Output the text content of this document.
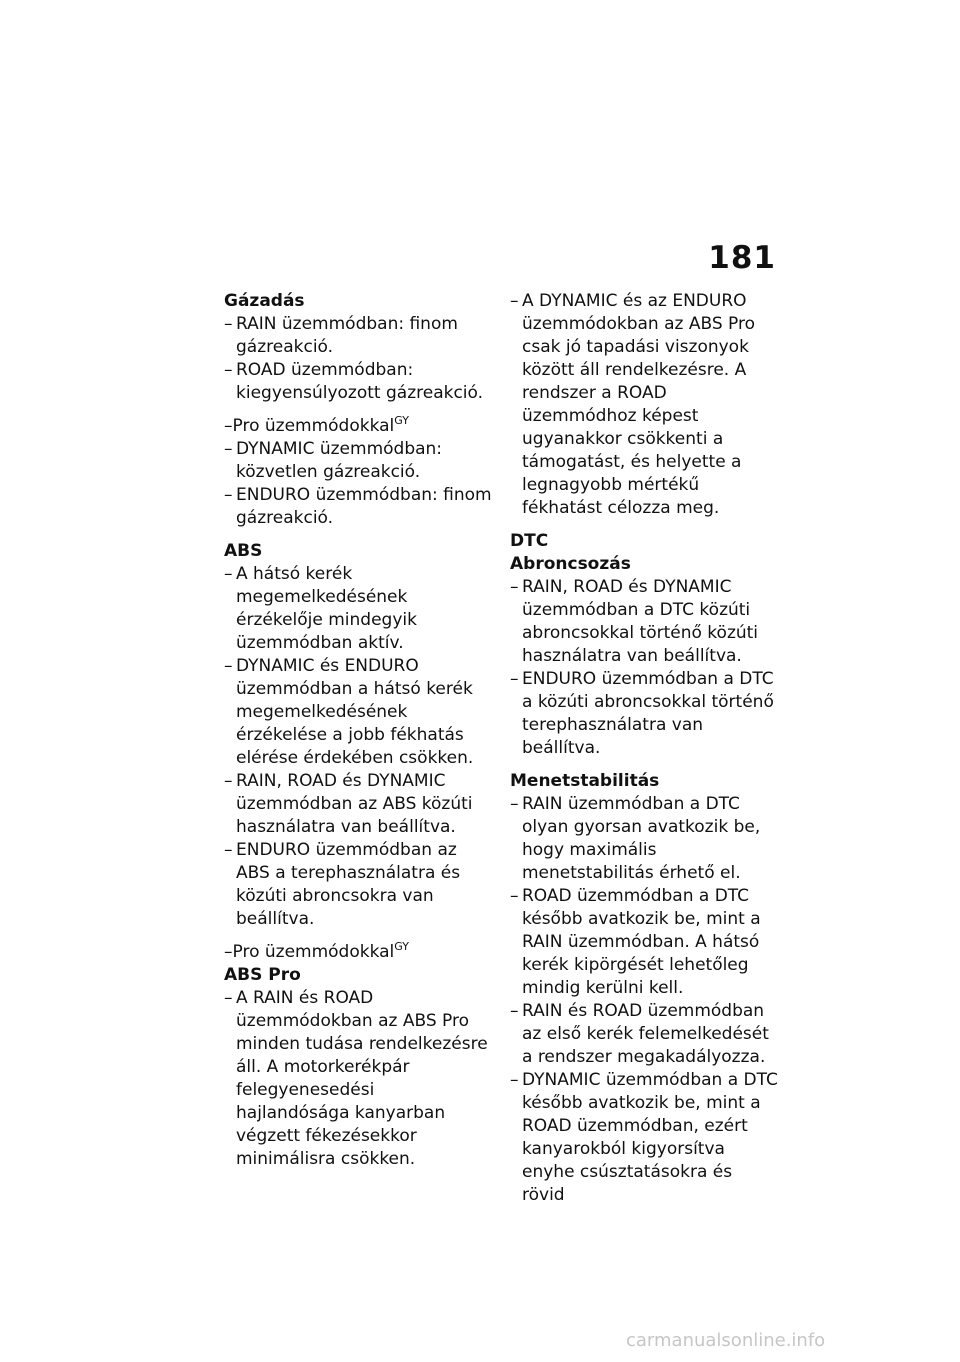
181

Gázadás

– RAIN üzemmódban: finom gázreakció.
– ROAD üzemmódban: kiegyensúlyozott gázreakció.

–Pro üzemmódokkal$^{GY}$

– DYNAMIC üzemmódban: közvetlen gázreakció.
– ENDURO üzemmódban: finom gázreakció.

ABS

– A hátsó kerék megemelkedésének érzékelője mindegyik üzemmódban aktív.
– DYNAMIC és ENDURO üzemmódban a hátsó kerék megemelkedésének érzékelése a jobb fékhatás elérése érdekében csökken.
– RAIN, ROAD és DYNAMIC üzemmódban az ABS közúti használatra van beállítva.
– ENDURO üzemmódban az ABS a terephasználatra és közúti abroncsokra van beállítva.

–Pro üzemmódokkal$^{GY}$

ABS Pro

– A RAIN és ROAD üzemmódokban az ABS Pro minden tudása rendelkezésre áll. A motorkerékpár felegyenesedési hajlandósága kanyarban végzett fékezésekkor minimálisra csökken.
– A DYNAMIC és az ENDURO üzemmódokban az ABS Pro csak jó tapadási viszonyok között áll rendelkezésre. A rendszer a ROAD üzemmódhoz képest ugyanakkor csökkenti a támogatást, és helyette a legnagyobb mértékű fékhatást célozza meg.

DTC

Abroncsozás

– RAIN, ROAD és DYNAMIC üzemmódban a DTC közúti abroncsokkal történő közúti használatra van beállítva.
– ENDURO üzemmódban a DTC a közúti abroncsokkal történő terephasználatra van beállítva.

Menetstabilitás

– RAIN üzemmódban a DTC olyan gyorsan avatkozik be, hogy maximális menetstabilitás érhető el.
– ROAD üzemmódban a DTC később avatkozik be, mint a RAIN üzemmódban. A hátsó kerék kipörgését lehetőleg mindig kerülni kell.
– RAIN és ROAD üzemmódban az első kerék felemelkedését a rendszer megakadályozza.
– DYNAMIC üzemmódban a DTC később avatkozik be, mint a ROAD üzemmódban, ezért kanyarokból kigyorsítva enyhe csúsztatásokra és rövid
carmanualsonline.info
